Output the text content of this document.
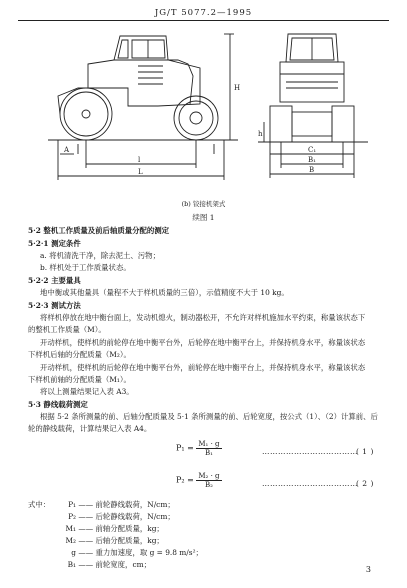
JG/T 5077.2—1995
H
A
l
L
h
C₁
B₁
B
(b) 铰接机架式
续图 1
5·2 整机工作质量及前后轴质量分配的测定
5·2·1 测定条件
a. 将机清洗干净，除去泥土、污物；
b. 样机处于工作质量状态。
5·2·2 主要量具
地中衡或其他量具（量程不大于样机质量的三倍），示值精度不大于 10 kg。
5·2·3 测试方法
将样机停放在地中衡台面上，发动机熄火，制动器松开，不允许对样机施加水平约束，称量该状态下
的整机工作质量（M）。
开动样机，使样机的前轮停在地中衡平台外，后轮停在地中衡平台上，并保持机身水平，称量该状态
下样机后轴的分配质量（M₂）。
开动样机，使样机的后轮停在地中衡平台外，前轮停在地中衡平台上，并保持机身水平，称量该状态
下样机前轴的分配质量（M₁）。
将以上测量结果记入表 A3。
5·3 静线载荷测定
根据 5·2 条所测量的前、后轴分配质量及 5·1 条所测量的前、后轮宽度，按公式（1）、（2）计算前、后
轮的静线载荷，计算结果记入表 A4。
$P_1 = \frac{\text{M₁ · g}}{\text{B₁}}$	………………………………
( 1 )
$P_2 = \frac{\text{M₂ · g}}{\text{B₂}}$	………………………………
( 2 )
式中：	P₁ —— 前轮静线载荷，N/cm；
P₂ —— 后轮静线载荷，N/cm；
M₁ —— 前轴分配质量，kg；
M₂ —— 后轴分配质量，kg；
g —— 重力加速度，取 g = 9.8 m/s²；
B₁ —— 前轮宽度，cm；
3
